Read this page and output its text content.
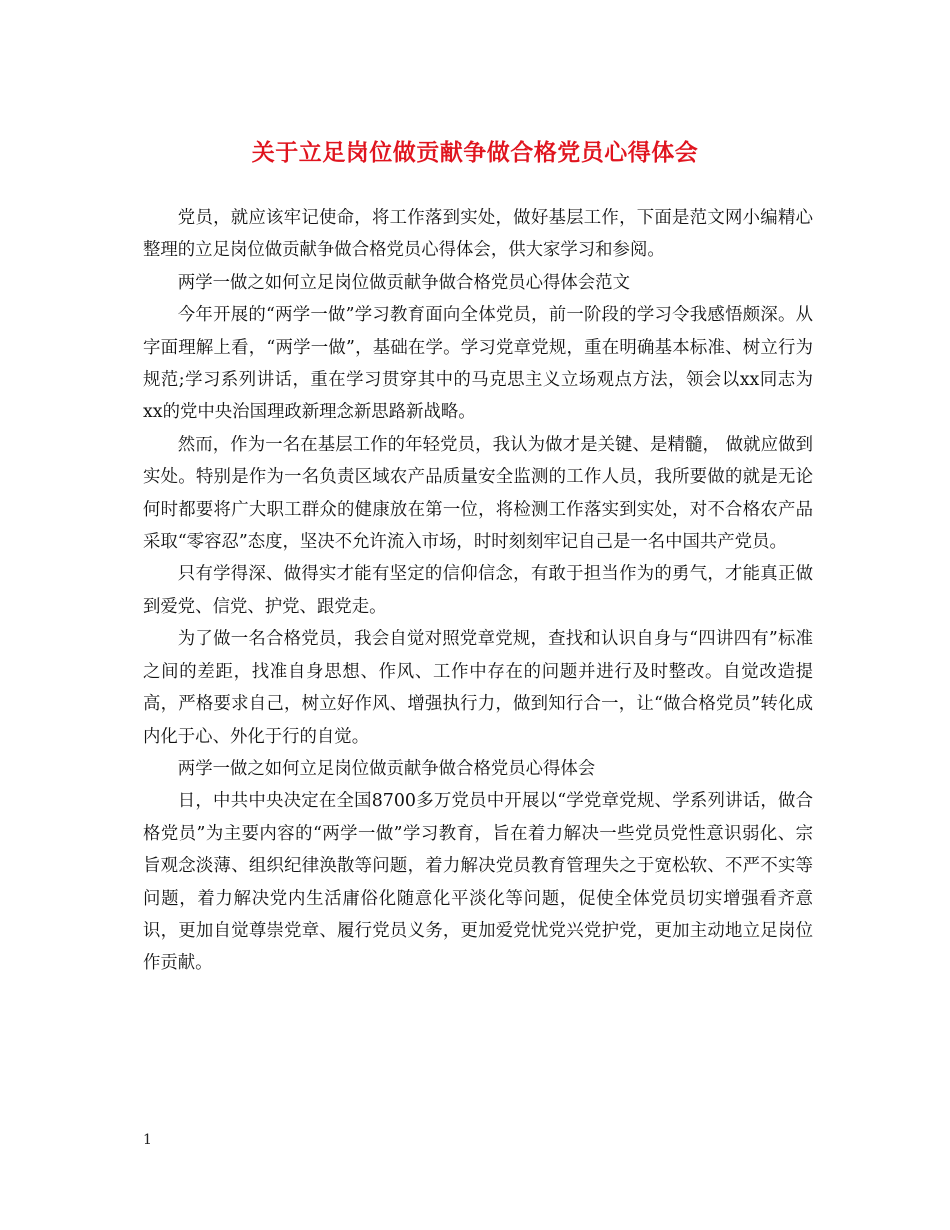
关于立足岗位做贡献争做合格党员心得体会

党员，就应该牢记使命，将工作落到实处，做好基层工作，下面是范文网小编精心整理的立足岗位做贡献争做合格党员心得体会，供大家学习和参阅。

两学一做之如何立足岗位做贡献争做合格党员心得体会范文

今年开展的“两学一做”学习教育面向全体党员，前一阶段的学习令我感悟颇深。从字面理解上看，“两学一做”，基础在学。学习党章党规，重在明确基本标准、树立行为规范;学习系列讲话，重在学习贯穿其中的马克思主义立场观点方法，领会以xx同志为xx的党中央治国理政新理念新思路新战略。

然而，作为一名在基层工作的年轻党员，我认为做才是关键、是精髓， 做就应做到实处。特别是作为一名负责区域农产品质量安全监测的工作人员，我所要做的就是无论何时都要将广大职工群众的健康放在第一位，将检测工作落实到实处，对不合格农产品采取“零容忍”态度，坚决不允许流入市场，时时刻刻牢记自己是一名中国共产党员。

只有学得深、做得实才能有坚定的信仰信念，有敢于担当作为的勇气，才能真正做到爱党、信党、护党、跟党走。

为了做一名合格党员，我会自觉对照党章党规，查找和认识自身与“四讲四有”标准之间的差距，找准自身思想、作风、工作中存在的问题并进行及时整改。自觉改造提高，严格要求自己，树立好作风、增强执行力，做到知行合一，让“做合格党员”转化成内化于心、外化于行的自觉。

两学一做之如何立足岗位做贡献争做合格党员心得体会

日，中共中央决定在全国8700多万党员中开展以“学党章党规、学系列讲话，做合格党员”为主要内容的“两学一做”学习教育，旨在着力解决一些党员党性意识弱化、宗旨观念淡薄、组织纪律涣散等问题，着力解决党员教育管理失之于宽松软、不严不实等问题，着力解决党内生活庸俗化随意化平淡化等问题，促使全体党员切实增强看齐意识，更加自觉尊崇党章、履行党员义务，更加爱党忧党兴党护党，更加主动地立足岗位作贡献。

1
